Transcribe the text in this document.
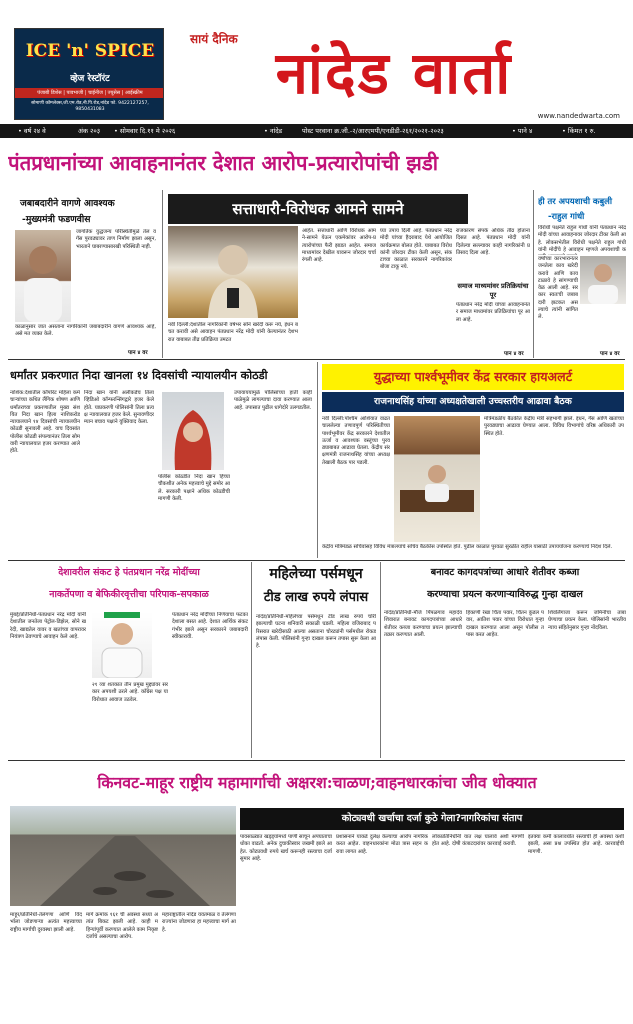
ICE 'n' SPICE
व्हेज रेस्टॉरंट
पंजाबी डिशेस | पावभाजी | चाईनीज | ज्यूसेस | आईस्क्रीम
सोमाणी कॉम्प्लेक्स,जी.एम.रोड,नी.पि.रोड,नांदेड फो. 9422127257, 9850431083
सायं दैनिक नांदेड वार्ता
www.nandedwarta.com
• वर्ष २४ वे	अंक २०३ • सोमवार दि.११ मे २०२६	• नांदेड	पोस्ट परवाना क्र.जी.-२/आरएमपी/एनडीडी-२६१/२०२१-२०२३	• पाने ४	• किंमत १ रु.
पंतप्रधानांच्या आवाहनानंतर देशात आरोप-प्रत्यारोपांची झडी
जबाबदारीने वागणे आवश्यक
-मुख्यमंत्री फडणवीस
जागतिक युद्धजन्य परिस्थितीमुळे तेल व गॅस पुरवठ्यावर ताण निर्माण झाला असून, भारताने घाबरण्यासारखी परिस्थिती नाही.
काळानुसार जात असताना नागरिकांनी जबाबदारीने वागणे आवश्यक आहे, असे मत व्यक्त केले.
पान ४ वर
सत्ताधारी-विरोधक आमने सामने
नवी दिल्ली:देशातील नागरिकांनी वर्षभर सोने खरेदी करू नये, इंधन बचत करावी असे आवाहन पंतप्रधान नरेंद्र मोदी यांनी केल्यानंतर देशभरात याबाबत तीव्र प्रतिक्रिया उमटत
आहेत. सत्ताधारी आणि विरोधक आमने-सामने येऊन एकमेकांवर आरोप-प्रत्यारोपांच्या फैरी झाडत आहेत. समाज माध्यमांवर देखील यावरून जोरदार चर्चा रंगली आहे.
घ्या उपाय दिली आहे. पंतप्रधान नरेंद्र मोदी यांच्या हैदराबाद येथे आयोजित कार्यक्रमात बोलत होते. याबाबत विरोधकांनी जोरदार टीका केली असून, संकटाच्या काळात सरकारने नागरिकांवर बोजा टाकू नये.
राजकारण संपर्क अधिक तीव्र होताना दिसत आहे. पंतप्रधान मोदी यांनी दिलेल्या सल्ल्यावर काही नागरिकांनी प्रतिसाद दिला आहे.
समाज माध्यमांवर प्रतिक्रियांचा पूर
पंतप्रधान नरेंद्र मोदी यांच्या आवाहनानंतर समाज माध्यमांवर प्रतिक्रियांचा पूर आला आहे.
पान ४ वर
ही तर अपयशाची कबुली
-राहुल गांधी
विरोधी पक्षनेते राहुल गांधी यांनी पंतप्रधान नरेंद्र मोदी यांच्या आवाहनावर जोरदार टीका केली आहे. लोकसभेतील विरोधी पक्षनेते राहुल गांधी यांनी मोदींचे हे आवाहन म्हणजे अपयशाची क
वर्षांच्या कारभारानंतर जनतेला काय खरेदी करावे आणि काय टाळावे हे सांगण्याची वेळ आली आहे. सरकार स्वतःची जबाबदारी झटकत असल्याचे त्यांनी सांगितले.
पान ४ वर
धर्मांतर प्रकरणात निदा खानला १४ दिवसांची न्यायालयीन कोठडी
नाशिक:देशातील कॉर्पोरेट महिला कर्मचाऱ्यांच्या कथित लैंगिक शोषण आणि धर्मांतराच्या प्रकरणातील मुख्य संशयित निदा खान हिला नाशिकरोड न्यायालयाने १४ दिवसांची न्यायालयीन कोठडी सुनावली आहे. याच दिवसांत पोलीस कोठडी संपल्यानंतर तिला सोमवारी न्यायालयात हजर करण्यात आले होते.
निदा खान यांनी अलीकडेच तिला व्हिडिओ कॉन्फरन्सिंगद्वारे हजर केले होते. याप्रकरणी पोलिसांनी तिला प्रत्यक्ष न्यायालयात हजर केले. सुनावणीदरम्यान बचाव पक्षाने युक्तिवाद केला.
पोलीस कोठडीत निदा खान हिच्या चौकशीत अनेक महत्त्वाचे मुद्दे समोर आले. सरकारी पक्षाने अधिक कोठडीची मागणी केली.
उपायाययामुळे पोलिसांच्या हाती काही पाळेमुळे लागल्याचा दावा करण्यात आला आहे. तपासात पुढील धागेदोरे उलगडतील.
युद्धाच्या पार्श्वभूमीवर केंद्र सरकार हायअलर्ट
राजनाथसिंह यांच्या अध्यक्षतेखाली उच्चस्तरीय आढावा बैठक
नवी दिल्ली:पश्चिम आशियात वाढत चाललेल्या तणावपूर्ण परिस्थितीच्या पार्श्वभूमीवर केंद्र सरकारने देशातील ऊर्जा व आवश्यक वस्तूंच्या पुरवठ्याबाबत आढावा घेतला. केंद्रीय संरक्षणमंत्री राजनाथसिंह यांच्या अध्यक्षतेखाली बैठक पार पडली.
मंत्रिमंडळीय बैठकीत केंद्रीय मंत्री सहभागी झाले. इंधन, गॅस आणि खतांच्या पुरवठ्याचा आढावा घेण्यात आला. विविध विभागांचे वरिष्ठ अधिकारी उपस्थित होते.
केंद्रीय मंत्रिमंडळ सचिवांसह विविध मंत्रालयांचे सचिव बैठकीस उपस्थित होते. पुढील काळात पुरवठा सुरळीत राहील यासाठी उपाययोजना करण्याचे निर्देश दिले.
देशावरील संकट हे पंतप्रधान नरेंद्र मोदींच्या
नाकर्तेपणा व बेफिकीरवृत्तीचा परिपाक-सपकाळ
मुंबई/प्रतिनिधी-पंतप्रधान नरेंद्र मोदी यांनी देशातील जनतेला पेट्रोल-डिझेल, सोने खरेदी, खाद्यतेल यावर व खतांच्या वापरावर नियंत्रण ठेवण्याचे आवाहन केले आहे.
२१ व्या शतकात तीन प्रमुख मुद्द्यांवर सरकार अपयशी ठरले आहे. काँग्रेस पक्ष या विरोधात आवाज उठवेल.
पंतप्रधान नरेंद्र मोदींच्या निर्णयाचा फटका देशाला बसत आहे. देशात आर्थिक संकट गंभीर झाले असून सरकारने जबाबदारी स्वीकारावी.
महिलेच्या पर्समधून
टीड लाख रुपये लंपास
नांदेड/प्रतिनिधी-महिलेच्या पर्समधून टीड लाख रुपये चोरी झाल्याची घटना शनिवारी सकाळी घडली. महिला वजिराबाद परिसरात खरेदीसाठी आल्या असताना चोरट्यांनी पर्समधील रोकड लंपास केली. पोलिसांनी गुन्हा दाखल करून तपास सुरू केला आहे.
बनावट कागदपत्रांच्या आधारे शेतीवर कब्जा
करण्याचा प्रयत्न करणाऱ्याविरुद्ध गुन्हा दाखल
नांदेड/प्रतिनिधी-मौजे पिंपळगाव महादेव शिवारात बनावट कागदपत्रांच्या आधारे शेतीवर कब्जा करण्याचा प्रयत्न झाल्याची तक्रार करण्यात आली.
हिकाणी रेखा चिंता पवार, चिंतन कुंडल पवार, आतिश पवार यांच्या विरोधात गुन्हा दाखल करण्यात आला असून पोलीस तपास करत आहेत.
शिवलिंगाजा करून जमिनीचा ताबा घेण्याचा प्रयत्न केला. पोलिसांनी भारतीय न्याय संहितेनुसार गुन्हा नोंदविला.
किनवट-माहूर राष्ट्रीय महामार्गाची अक्षरश:चाळण;वाहनधारकांचा जीव धोक्यात
कोट्यवधी खर्चाचा दर्जा कुठे गेला?नागरिकांचा संताप
माहूर/प्रतिनिधी-तेलंगणा आणि विदर्भाला जोडणाऱ्या अत्यंत महत्त्वाच्या राष्ट्रीय मार्गाची दुरवस्था झाली आहे.
मार्ग क्रमांक १६१ ची अवस्था सध्या अत्यंत बिकट झाली आहे. काही महिन्यांपूर्वी करण्यात आलेले काम निकृष्ट दर्जाचे असल्याचा आरोप.
महाराष्ट्रातील नांदेड यवतमाळ व तेलंगणा राज्यांना जोडणारा हा महत्त्वाचा मार्ग आहे.
पावसाळ्यात खड्ड्यांमध्ये पाणी साचून अपघाताचा धोका वाढतो. अनेक दुचाकीस्वार जखमी झाले आहेत. कोट्यवधी रुपये खर्च करूनही रस्त्याचा दर्जा सुमार आहे.
प्रशासनाने याकडे दुर्लक्ष केल्याचा आरोप नागरिक करत आहेत. वाहनधारकांना मोठा त्रास सहन करावा लागत आहे.
लोकप्रतिनिधींनी यात लक्ष घालावे अशी मागणी होत आहे. दोषी कंत्राटदारांवर कारवाई करावी.
इतक्या कमी कालावधीत रस्त्याची ही अवस्था कशी झाली, असा प्रश्न उपस्थित होत आहे. कारवाईची मागणी.
